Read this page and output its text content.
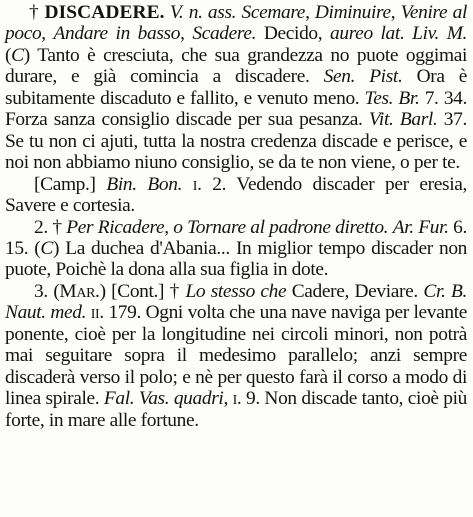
† DISCADERE. V. n. ass. Scemare, Diminuire, Venire al poco, Andare in basso, Scadere. Decido, aureo lat. Liv. M. (C) Tanto è cresciuta, che sua grandezza no puote oggimai durare, e già comincia a discadere. Sen. Pist. Ora è subitamente discaduto e fallito, e venuto meno. Tes. Br. 7. 34. Forza sanza consiglio discade per sua pesanza. Vit. Barl. 37. Se tu non ci ajuti, tutta la nostra credenza discade e perisce, e noi non abbiamo niuno consiglio, se da te non viene, o per te.

[Camp.] Bin. Bon. i. 2. Vedendo discader per eresia, Savere e cortesia.

2. † Per Ricadere, o Tornare al padrone diretto. Ar. Fur. 6. 15. (C) La duchea d'Abania... In miglior tempo discader non puote, Poichè la dona alla sua figlia in dote.

3. (Mar.) [Cont.] † Lo stesso che Cadere, Deviare. Cr. B. Naut. med. ii. 179. Ogni volta che una nave naviga per levante ponente, cioè per la longitudine nei circoli minori, non potrà mai seguitare sopra il medesimo parallelo; anzi sempre discaderà verso il polo; e nè per questo farà il corso a modo di linea spirale. Fal. Vas. quadri, i. 9. Non discade tanto, cioè più forte, in mare alle fortune.
